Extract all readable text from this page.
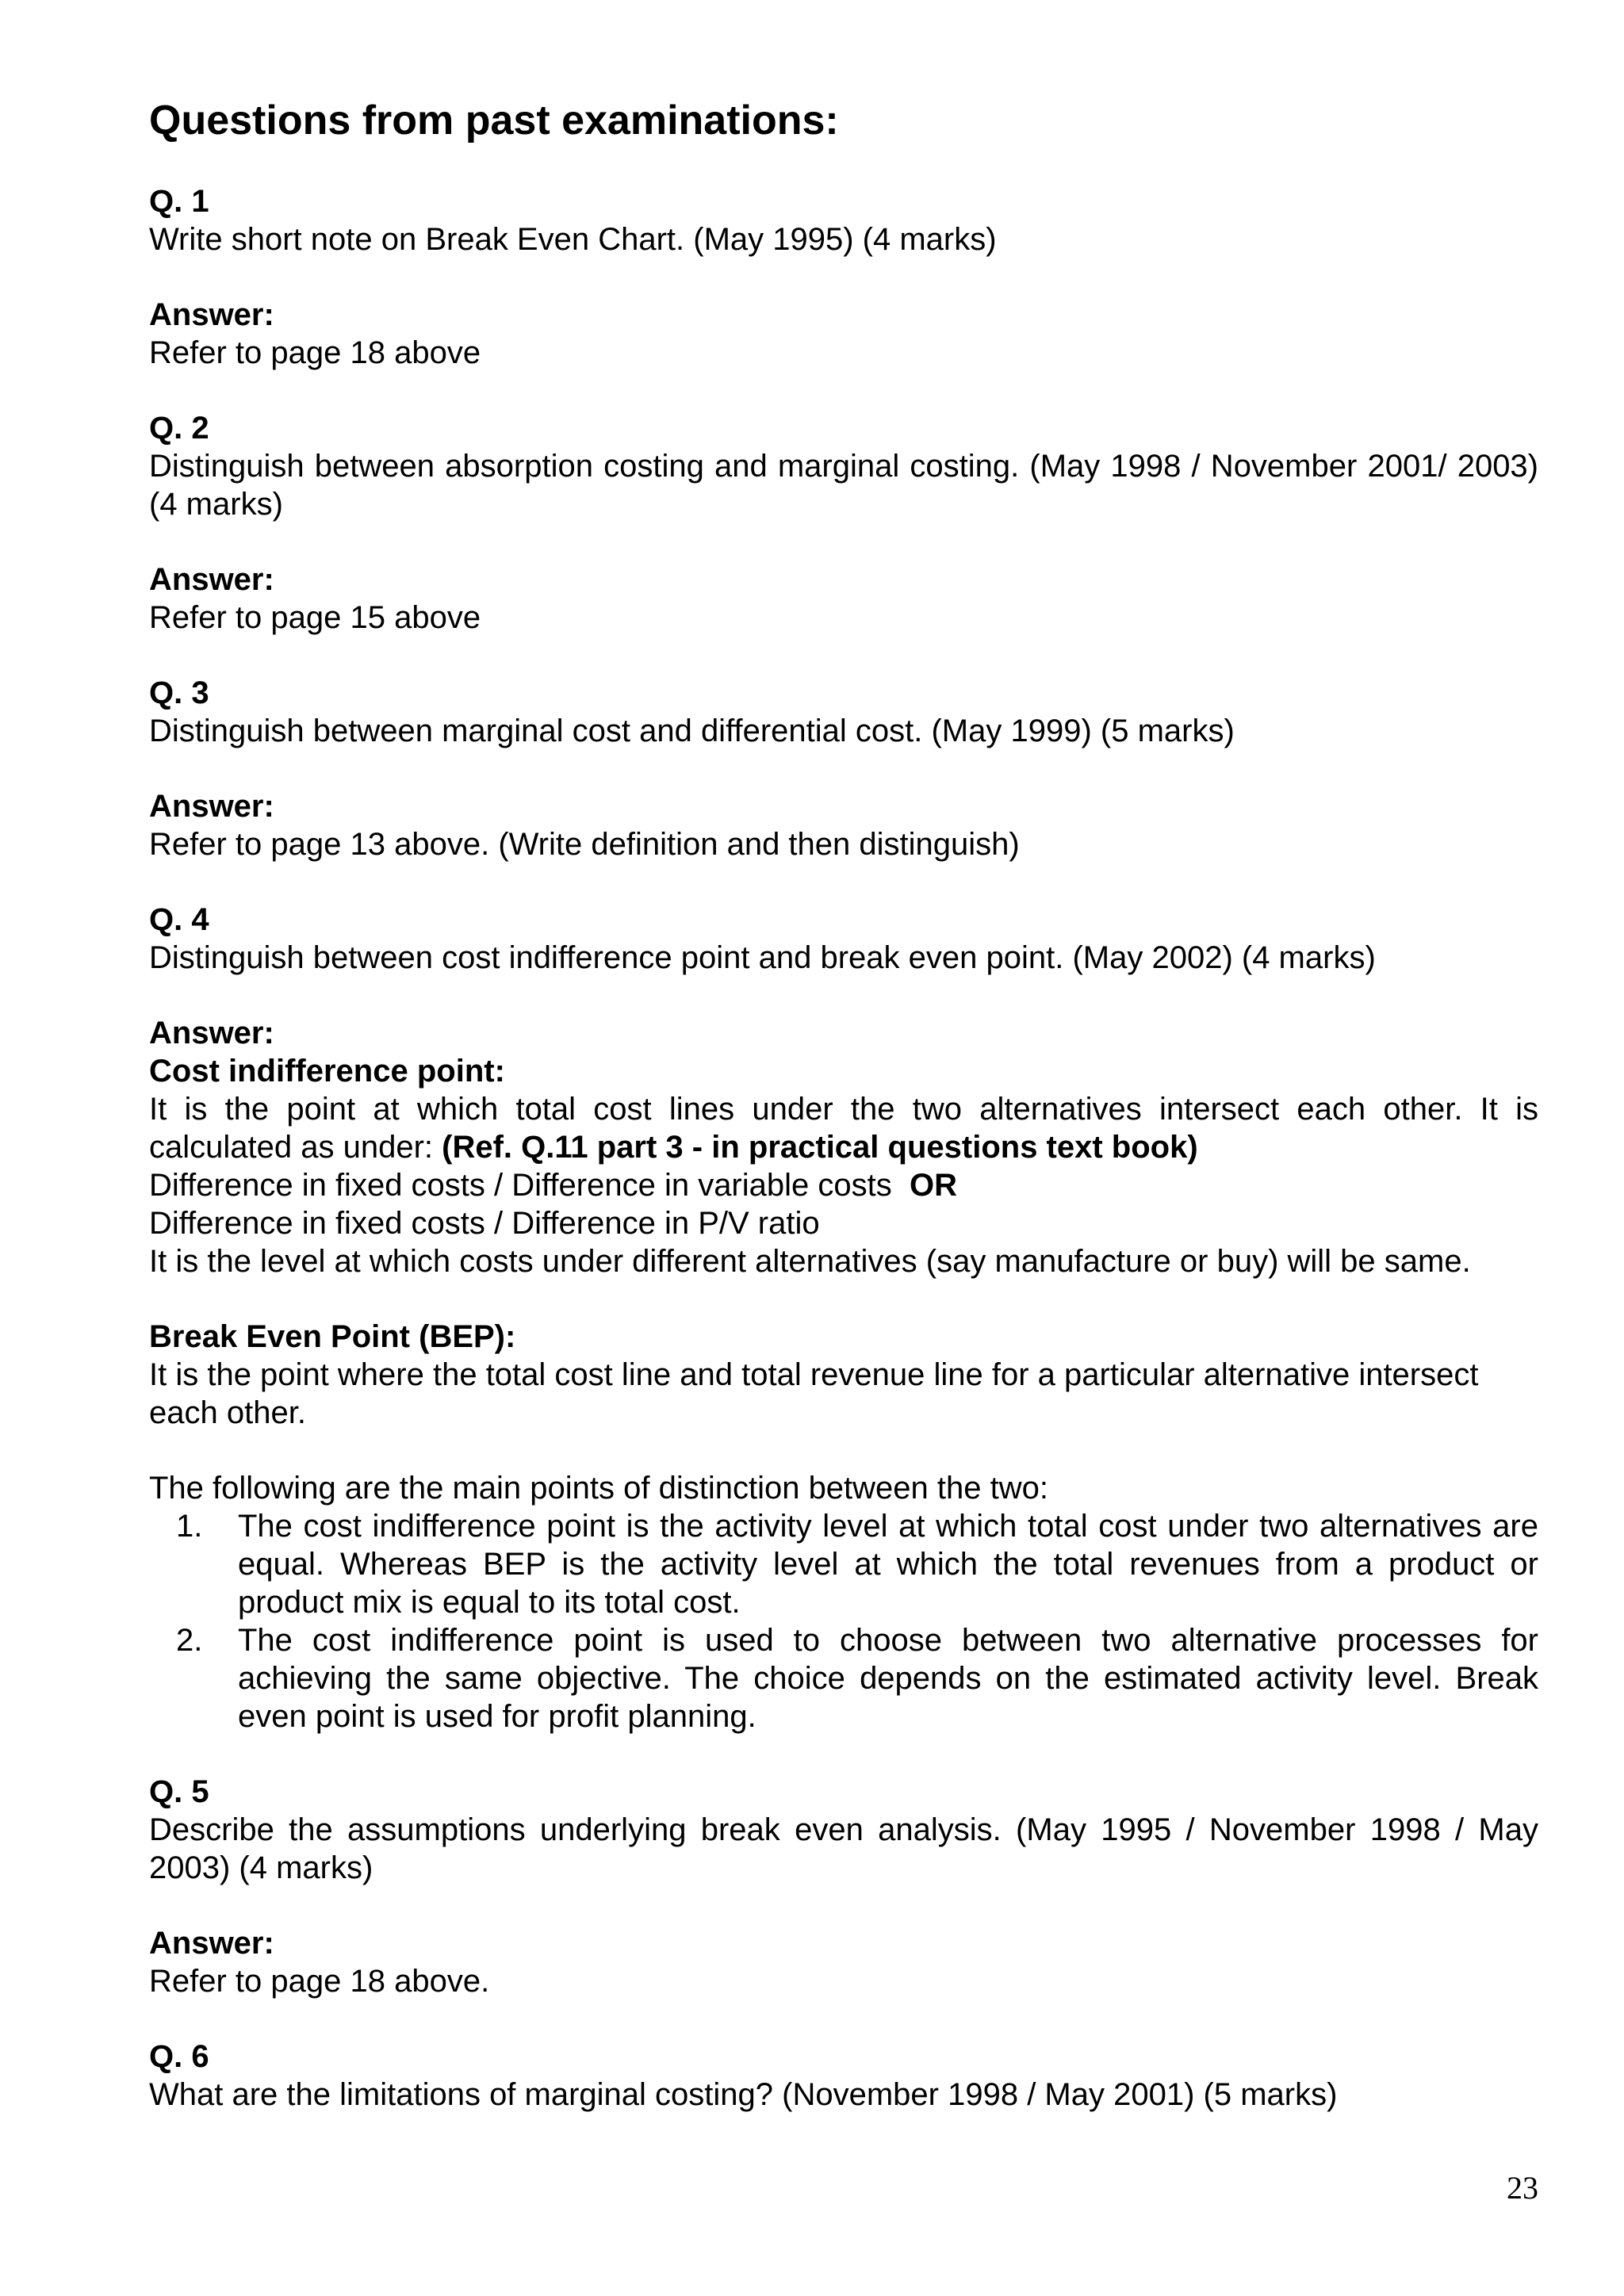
Questions from past examinations:

Q. 1

Write short note on Break Even Chart. (May 1995) (4 marks)

Answer:

Refer to page 18 above

Q. 2

Distinguish between absorption costing and marginal costing. (May 1998 / November 2001/ 2003) (4 marks)

Answer:

Refer to page 15 above

Q. 3

Distinguish between marginal cost and differential cost. (May 1999) (5 marks)

Answer:

Refer to page 13 above. (Write definition and then distinguish)

Q. 4

Distinguish between cost indifference point and break even point. (May 2002) (4 marks)

Answer:

Cost indifference point:

It is the point at which total cost lines under the two alternatives intersect each other. It is calculated as under: (Ref. Q.11 part 3 - in practical questions text book)

Difference in fixed costs / Difference in variable costs  OR

Difference in fixed costs / Difference in P/V ratio

It is the level at which costs under different alternatives (say manufacture or buy) will be same.

Break Even Point (BEP):

It is the point where the total cost line and total revenue line for a particular alternative intersect each other.

The following are the main points of distinction between the two:

1. The cost indifference point is the activity level at which total cost under two alternatives are equal. Whereas BEP is the activity level at which the total revenues from a product or product mix is equal to its total cost.
2. The cost indifference point is used to choose between two alternative processes for achieving the same objective. The choice depends on the estimated activity level. Break even point is used for profit planning.

Q. 5

Describe the assumptions underlying break even analysis. (May 1995 / November 1998 / May 2003) (4 marks)

Answer:

Refer to page 18 above.

Q. 6

What are the limitations of marginal costing? (November 1998 / May 2001) (5 marks)

23
